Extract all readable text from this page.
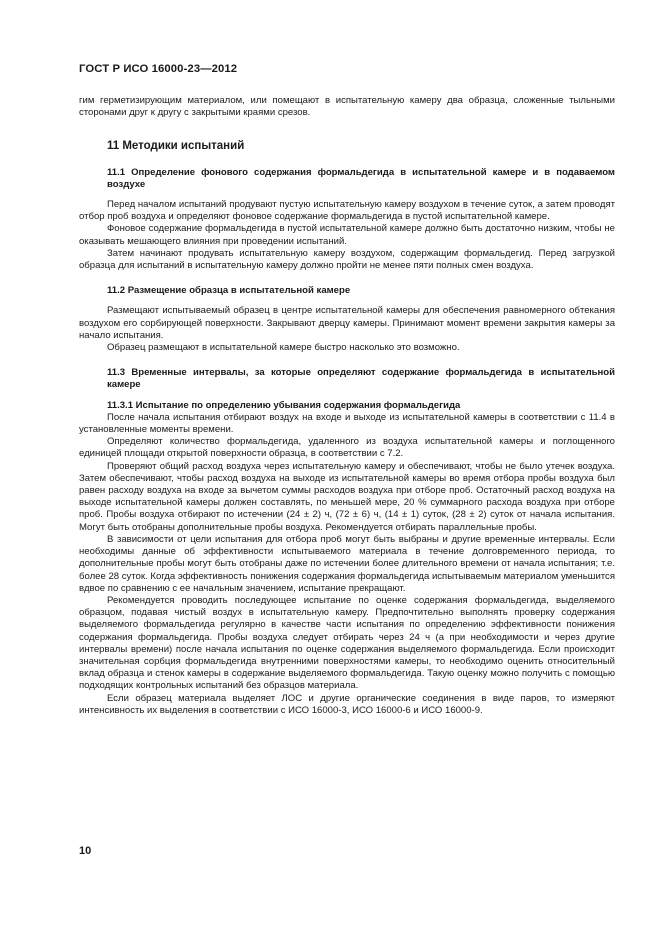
ГОСТ Р ИСО 16000-23—2012

гим герметизирующим материалом, или помещают в испытательную камеру два образца, сложенные тыльными сторонами друг к другу с закрытыми краями срезов.

11 Методики испытаний

11.1 Определение фонового содержания формальдегида в испытательной камере и в подаваемом воздухе

Перед началом испытаний продувают пустую испытательную камеру воздухом в течение суток, а затем проводят отбор проб воздуха и определяют фоновое содержание формальдегида в пустой испытательной камере.

Фоновое содержание формальдегида в пустой испытательной камере должно быть достаточно низким, чтобы не оказывать мешающего влияния при проведении испытаний.

Затем начинают продувать испытательную камеру воздухом, содержащим формальдегид. Перед загрузкой образца для испытаний в испытательную камеру должно пройти не менее пяти полных смен воздуха.

11.2 Размещение образца в испытательной камере

Размещают испытываемый образец в центре испытательной камеры для обеспечения равномерного обтекания воздухом его сорбирующей поверхности. Закрывают дверцу камеры. Принимают момент времени закрытия камеры за начало испытания.

Образец размещают в испытательной камере быстро насколько это возможно.

11.3 Временные интервалы, за которые определяют содержание формальдегида в испытательной камере

11.3.1 Испытание по определению убывания содержания формальдегида

После начала испытания отбирают воздух на входе и выходе из испытательной камеры в соответствии с 11.4 в установленные моменты времени.

Определяют количество формальдегида, удаленного из воздуха испытательной камеры и поглощенного единицей площади открытой поверхности образца, в соответствии с 7.2.

Проверяют общий расход воздуха через испытательную камеру и обеспечивают, чтобы не было утечек воздуха. Затем обеспечивают, чтобы расход воздуха на выходе из испытательной камеры во время отбора пробы воздуха был равен расходу воздуха на входе за вычетом суммы расходов воздуха при отборе проб. Остаточный расход воздуха на выходе испытательной камеры должен составлять, по меньшей мере, 20 % суммарного расхода воздуха при отборе проб. Пробы воздуха отбирают по истечении (24 ± 2) ч, (72 ± 6) ч, (14 ± 1) суток, (28 ± 2) суток от начала испытания. Могут быть отобраны дополнительные пробы воздуха. Рекомендуется отбирать параллельные пробы.

В зависимости от цели испытания для отбора проб могут быть выбраны и другие временные интервалы. Если необходимы данные об эффективности испытываемого материала в течение долговременного периода, то дополнительные пробы могут быть отобраны даже по истечении более длительного времени от начала испытания; т.е. более 28 суток. Когда эффективность понижения содержания формальдегида испытываемым материалом уменьшится вдвое по сравнению с ее начальным значением, испытание прекращают.

Рекомендуется проводить последующее испытание по оценке содержания формальдегида, выделяемого образцом, подавая чистый воздух в испытательную камеру. Предпочтительно выполнять проверку содержания выделяемого формальдегида регулярно в качестве части испытания по определению эффективности понижения содержания формальдегида. Пробы воздуха следует отбирать через 24 ч (а при необходимости и через другие интервалы времени) после начала испытания по оценке содержания выделяемого формальдегида. Если происходит значительная сорбция формальдегида внутренними поверхностями камеры, то необходимо оценить относительный вклад образца и стенок камеры в содержание выделяемого формальдегида. Такую оценку можно получить с помощью подходящих контрольных испытаний без образцов материала.

Если образец материала выделяет ЛОС и другие органические соединения в виде паров, то измеряют интенсивность их выделения в соответствии с ИСО 16000-3, ИСО 16000-6 и ИСО 16000-9.

10
